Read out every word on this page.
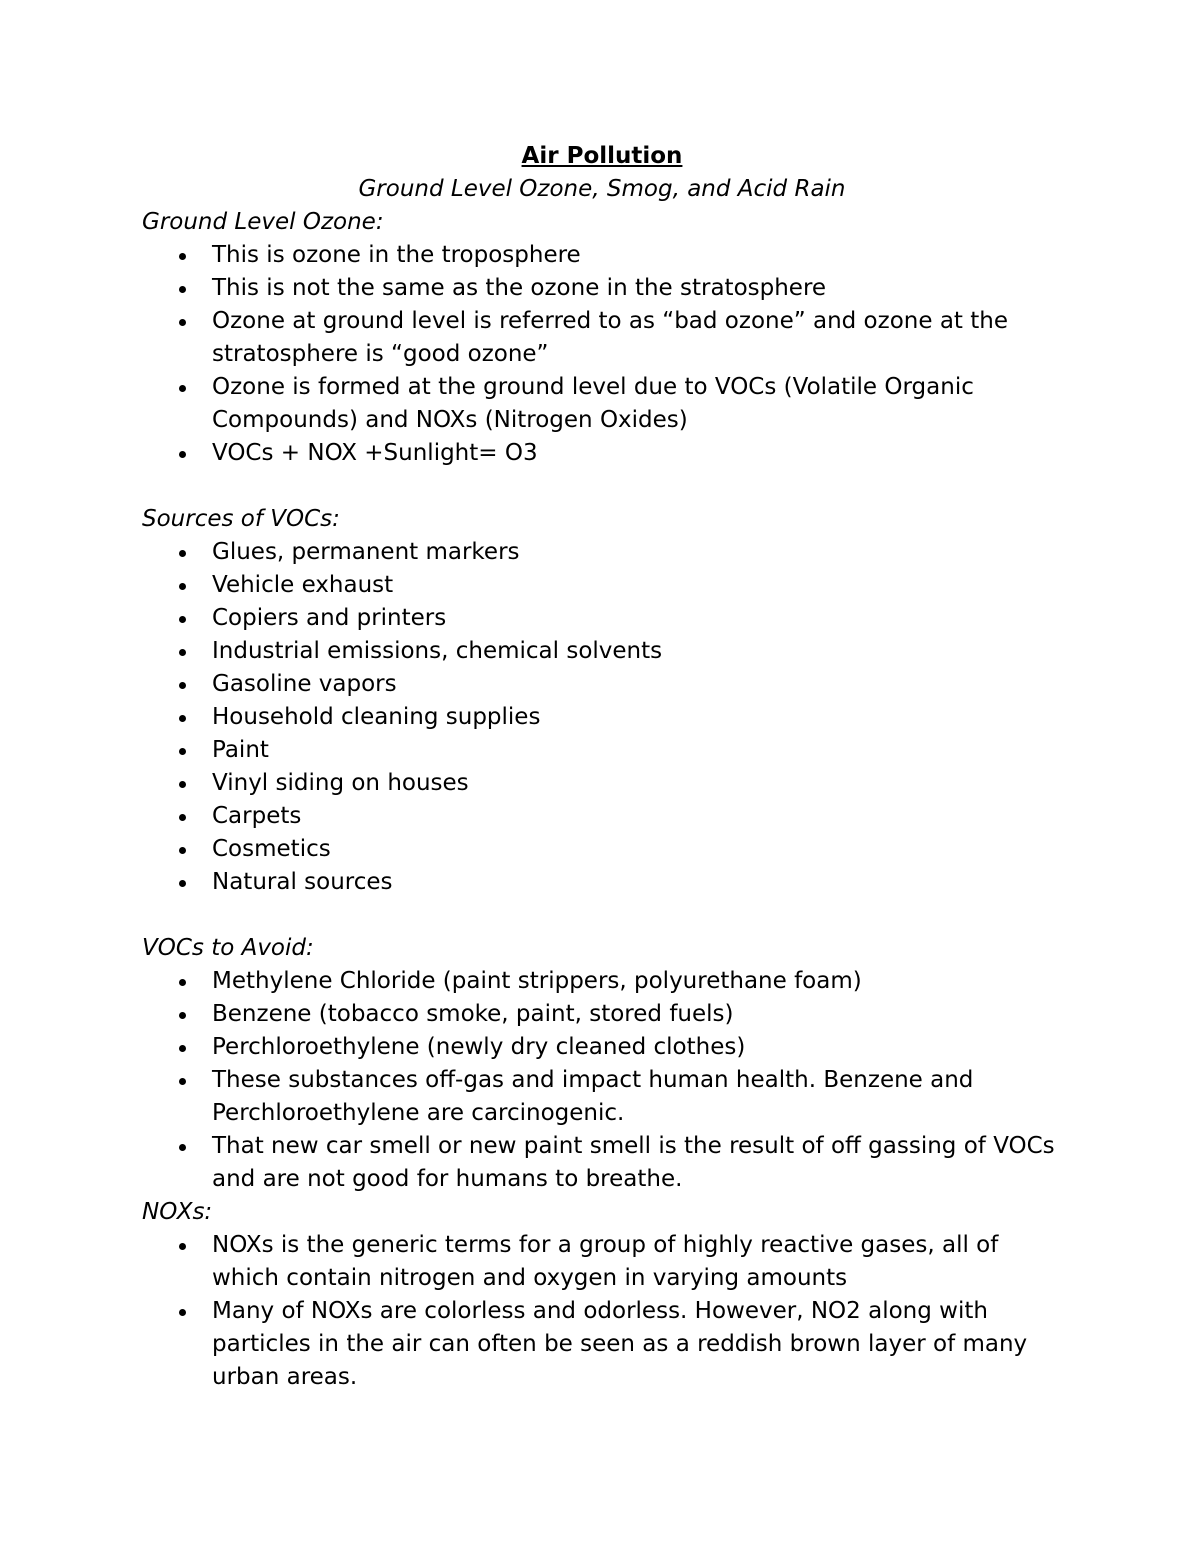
Air Pollution

Ground Level Ozone, Smog, and Acid Rain

Ground Level Ozone:

This is ozone in the troposphere
This is not the same as the ozone in the stratosphere
Ozone at ground level is referred to as “bad ozone” and ozone at the stratosphere is “good ozone”
Ozone is formed at the ground level due to VOCs (Volatile Organic Compounds) and NOXs (Nitrogen Oxides)
VOCs + NOX +Sunlight= O3

Sources of VOCs:

Glues, permanent markers
Vehicle exhaust
Copiers and printers
Industrial emissions, chemical solvents
Gasoline vapors
Household cleaning supplies
Paint
Vinyl siding on houses
Carpets
Cosmetics
Natural sources

VOCs to Avoid:

Methylene Chloride (paint strippers, polyurethane foam)
Benzene (tobacco smoke, paint, stored fuels)
Perchloroethylene (newly dry cleaned clothes)
These substances off-gas and impact human health. Benzene and Perchloroethylene are carcinogenic.
That new car smell or new paint smell is the result of off gassing of VOCs and are not good for humans to breathe.

NOXs:

NOXs is the generic terms for a group of highly reactive gases, all of which contain nitrogen and oxygen in varying amounts
Many of NOXs are colorless and odorless. However, NO2 along with particles in the air can often be seen as a reddish brown layer of many urban areas.
